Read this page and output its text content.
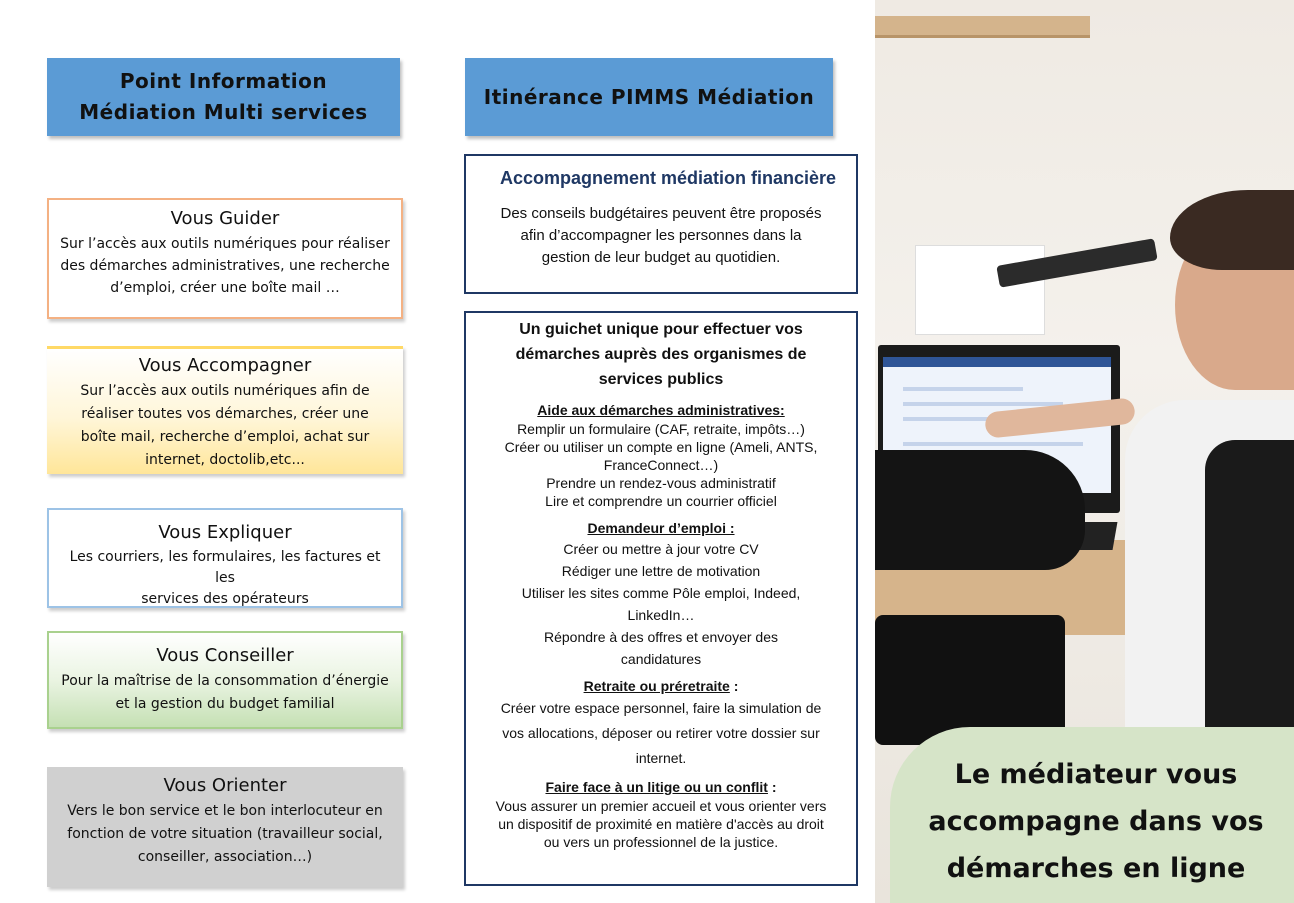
Point Information
Médiation Multi services
Itinérance PIMMS Médiation
Vous Guider
Sur l’accès aux outils numériques pour réaliser
des démarches administratives, une recherche
d’emploi, créer une boîte mail …
Vous Accompagner
Sur l’accès aux outils numériques afin de
réaliser toutes vos démarches, créer une
boîte mail, recherche d’emploi, achat sur
internet, doctolib,etc...
Vous Expliquer
Les courriers, les formulaires, les factures et les
services des opérateurs
Vous Conseiller
Pour la maîtrise de la consommation d’énergie
et la gestion du budget familial
Vous Orienter
Vers le bon service et le bon interlocuteur en
fonction de votre situation (travailleur social,
conseiller, association…)
Accompagnement médiation financière
Des conseils budgétaires peuvent être proposés
afin d’accompagner les personnes dans la
gestion de leur budget au quotidien.
Un guichet unique pour effectuer vos
démarches auprès des organismes de
services publics
Aide aux démarches administratives:
Remplir un formulaire (CAF, retraite, impôts…)
Créer ou utiliser un compte en ligne (Ameli, ANTS,
FranceConnect…)
Prendre un rendez-vous administratif
Lire et comprendre un courrier officiel
Demandeur d’emploi :
Créer ou mettre à jour votre CV
Rédiger une lettre de motivation
Utiliser les sites comme Pôle emploi, Indeed,
LinkedIn…
Répondre à des offres et envoyer des
candidatures
Retraite ou préretraite :
Créer votre espace personnel, faire la simulation de
vos allocations, déposer ou retirer votre dossier sur
internet.
Faire face à un litige ou un conflit :
Vous assurer un premier accueil et vous orienter vers
un dispositif de proximité en matière d'accès au droit
ou vers un professionnel de la justice.
Le médiateur vous
accompagne dans vos
démarches en ligne
